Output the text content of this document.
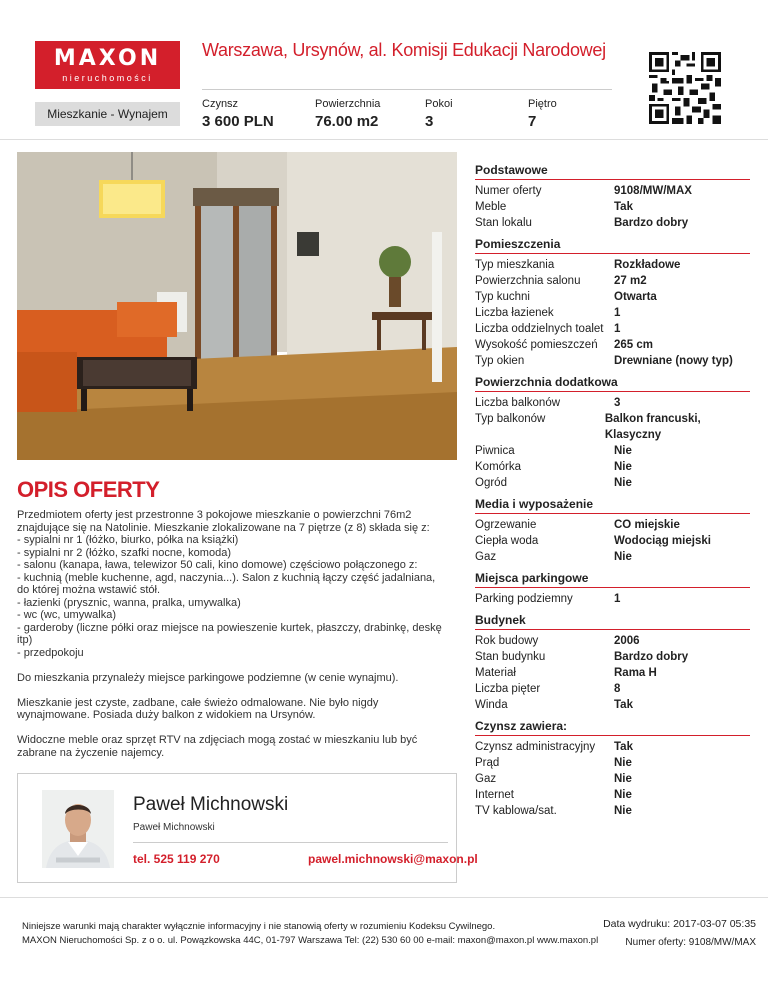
MAXON
nieruchomości
Warszawa, Ursynów, al. Komisji Edukacji Narodowej
Mieszkanie - Wynajem
Czynsz
3 600 PLN
Powierzchnia
76.00 m2
Pokoi
3
Piętro
7
OPIS OFERTY
Przedmiotem oferty jest przestronne 3 pokojowe mieszkanie o powierzchni 76m2 znajdujące się na Natolinie. Mieszkanie zlokalizowane na 7 piętrze (z 8) składa się z:
- sypialni nr 1 (łóżko, biurko, półka na książki)
- sypialni nr 2 (łóżko, szafki nocne, komoda)
- salonu (kanapa, ława, telewizor 50 cali, kino domowe) częściowo połączonego z:
- kuchnią (meble kuchenne, agd, naczynia...). Salon z kuchnią łączy część jadalniana, do której można wstawić stół.
- łazienki (prysznic, wanna, pralka, umywalka)
- wc (wc, umywalka)
- garderoby (liczne półki oraz miejsce na powieszenie kurtek, płaszczy, drabinkę, deskę itp)
- przedpokoju

Do mieszkania przynależy miejsce parkingowe podziemne (w cenie wynajmu).

Mieszkanie jest czyste, zadbane, całe świeżo odmalowane. Nie było nigdy wynajmowane. Posiada duży balkon z widokiem na Ursynów.

Widoczne meble oraz sprzęt RTV na zdjęciach mogą zostać w mieszkaniu lub być zabrane na życzenie najemcy.
Paweł Michnowski
Paweł Michnowski
tel. 525 119 270	pawel.michnowski@maxon.pl
Podstawowe
Numer oferty	9108/MW/MAX
Meble	Tak
Stan lokalu	Bardzo dobry
Pomieszczenia
Typ mieszkania	Rozkładowe
Powierzchnia salonu	27 m2
Typ kuchni	Otwarta
Liczba łazienek	1
Liczba oddzielnych toalet 1
Wysokość pomieszczeń	265 cm
Typ okien	Drewniane (nowy typ)
Powierzchnia dodatkowa
Liczba balkonów	3
Typ balkonów	Balkon francuski, Klasyczny
Piwnica	Nie
Komórka	Nie
Ogród	Nie
Media i wyposażenie
Ogrzewanie	CO miejskie
Ciepła woda	Wodociąg miejski
Gaz	Nie
Miejsca parkingowe
Parking podziemny	1
Budynek
Rok budowy	2006
Stan budynku	Bardzo dobry
Materiał	Rama H
Liczba pięter	8
Winda	Tak
Czynsz zawiera:
Czynsz administracyjny	Tak
Prąd	Nie
Gaz	Nie
Internet	Nie
TV kablowa/sat.	Nie
Niniejsze warunki mają charakter wyłącznie informacyjny i nie stanowią oferty w rozumieniu Kodeksu Cywilnego.
MAXON Nieruchomości Sp. z o o. ul. Powązkowska 44C, 01-797 Warszawa Tel: (22) 530 60 00 e-mail: maxon@maxon.pl www.maxon.pl
Data wydruku: 2017-03-07 05:35
Numer oferty: 9108/MW/MAX
